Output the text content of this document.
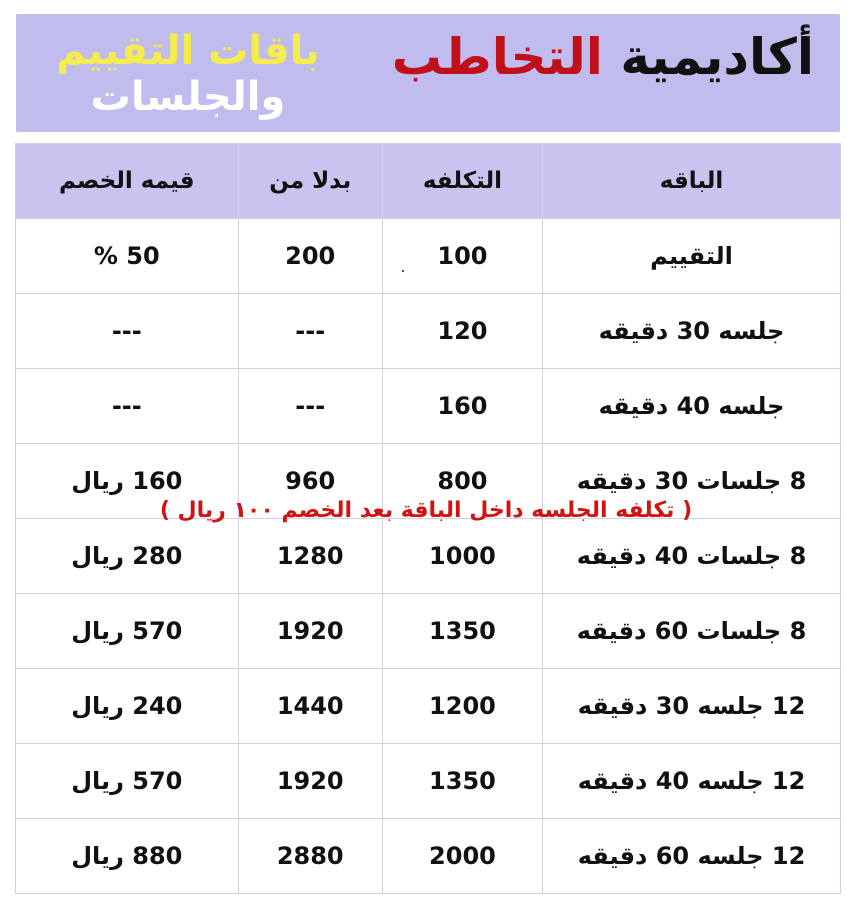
أكاديمية التخاطب
باقات التقييم
والجلسات
الباقه	التكلفه	بدلا من	قيمه الخصم
التقييم	100	200	50 %
جلسه 30 دقيقه	120	---	---
جلسه 40 دقيقه	160	---	---
8 جلسات 30 دقيقه	800	960	160 ريال
8 جلسات 40 دقيقه	1000	1280	280 ريال
8 جلسات 60 دقيقه	1350	1920	570 ريال
12 جلسه 30 دقيقه	1200	1440	240 ريال
12 جلسه 40 دقيقه	1350	1920	570 ريال
12 جلسه 60 دقيقه	2000	2880	880 ريال
( تكلفه الجلسه داخل الباقة بعد الخصم ١٠٠ ريال )
